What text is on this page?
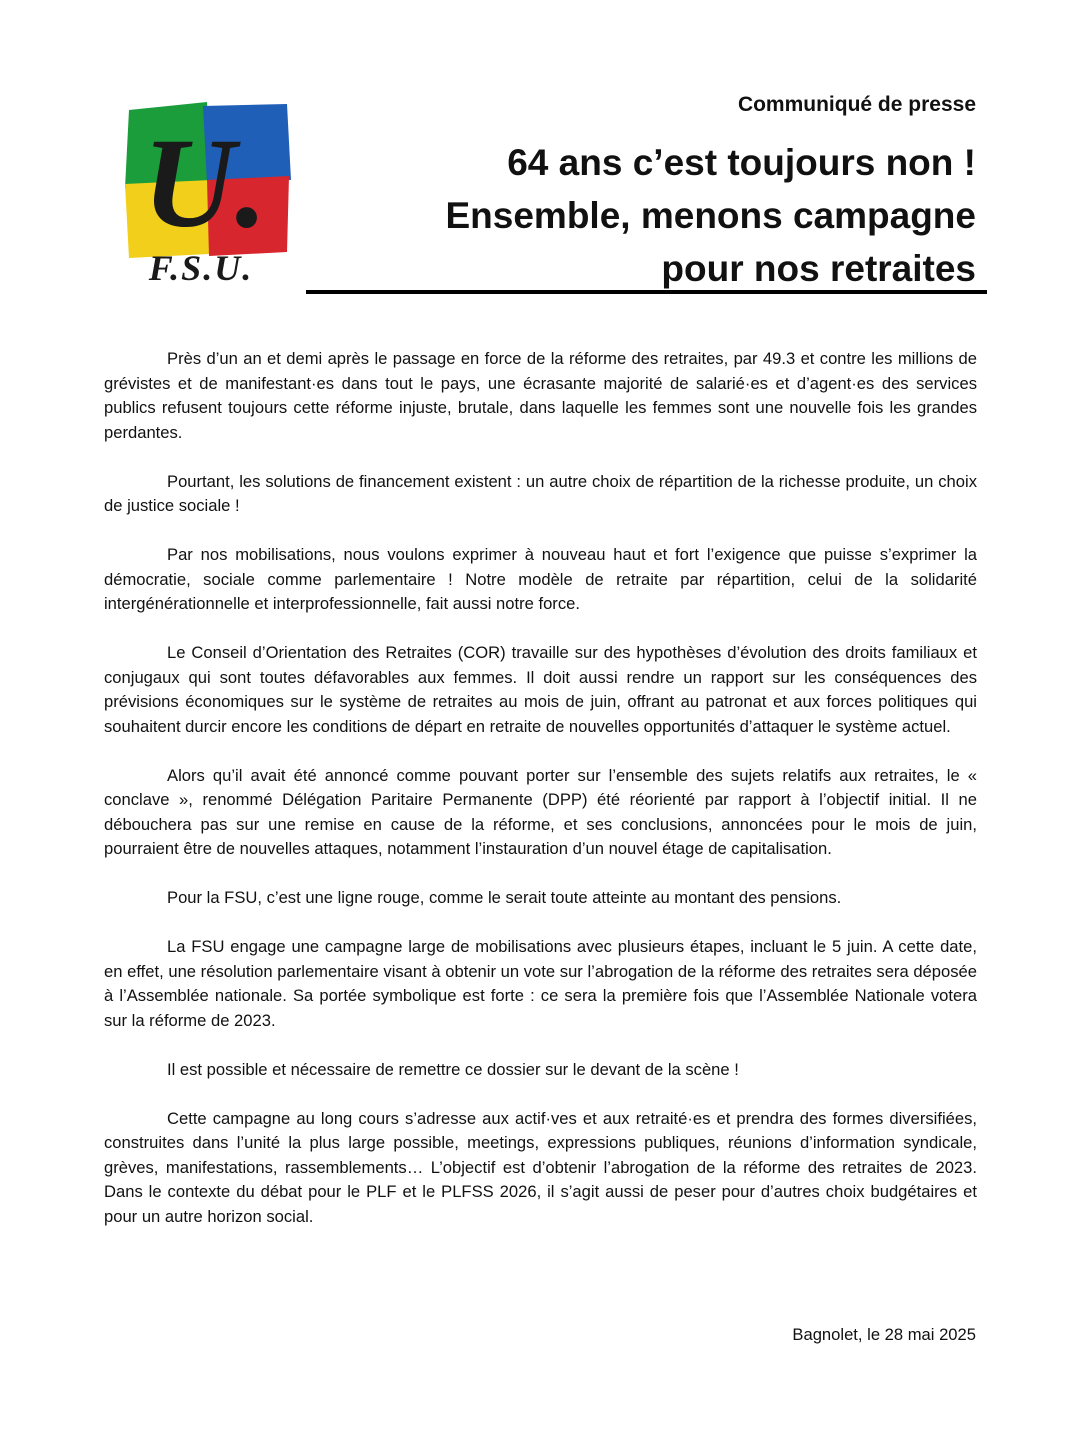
U.
F.S.U.
Communiqué de presse
64 ans c’est toujours non !
Ensemble, menons campagne
pour nos retraites

Près d’un an et demi après le passage en force de la réforme des retraites, par 49.3 et contre les millions de grévistes et de manifestant·es dans tout le pays, une écrasante majorité de salarié·es et d’agent·es des services publics refusent toujours cette réforme injuste, brutale, dans laquelle les femmes sont une nouvelle fois les grandes perdantes.

Pourtant, les solutions de financement existent : un autre choix de répartition de la richesse produite, un choix de justice sociale !

Par nos mobilisations, nous voulons exprimer à nouveau haut et fort l’exigence que puisse s’exprimer la démocratie, sociale comme parlementaire ! Notre modèle de retraite par répartition, celui de la solidarité intergénérationnelle et interprofessionnelle, fait aussi notre force.

Le Conseil d’Orientation des Retraites (COR) travaille sur des hypothèses d’évolution des droits familiaux et conjugaux qui sont toutes défavorables aux femmes. Il doit aussi rendre un rapport sur les conséquences des prévisions économiques sur le système de retraites au mois de juin, offrant au patronat et aux forces politiques qui souhaitent durcir encore les conditions de départ en retraite de nouvelles opportunités d’attaquer le système actuel.

Alors qu’il avait été annoncé comme pouvant porter sur l’ensemble des sujets relatifs aux retraites, le « conclave », renommé Délégation Paritaire Permanente (DPP) été réorienté par rapport à l’objectif initial. Il ne débouchera pas sur une remise en cause de la réforme, et ses conclusions, annoncées pour le mois de juin, pourraient être de nouvelles attaques, notamment l’instauration d’un nouvel étage de capitalisation.

Pour la FSU, c’est une ligne rouge, comme le serait toute atteinte au montant des pensions.

La FSU engage une campagne large de mobilisations avec plusieurs étapes, incluant le 5 juin. A cette date, en effet, une résolution parlementaire visant à obtenir un vote sur l’abrogation de la réforme des retraites sera déposée à l’Assemblée nationale. Sa portée symbolique est forte : ce sera la première fois que l’Assemblée Nationale votera sur la réforme de 2023.

Il est possible et nécessaire de remettre ce dossier sur le devant de la scène !

Cette campagne au long cours s’adresse aux actif·ves et aux retraité·es et prendra des formes diversifiées, construites dans l’unité la plus large possible, meetings, expressions publiques, réunions d’information syndicale, grèves, manifestations, rassemblements… L’objectif est d’obtenir l’abrogation de la réforme des retraites de 2023. Dans le contexte du débat pour le PLF et le PLFSS 2026, il s’agit aussi de peser pour d’autres choix budgétaires et pour un autre horizon social.

Bagnolet, le 28 mai 2025
